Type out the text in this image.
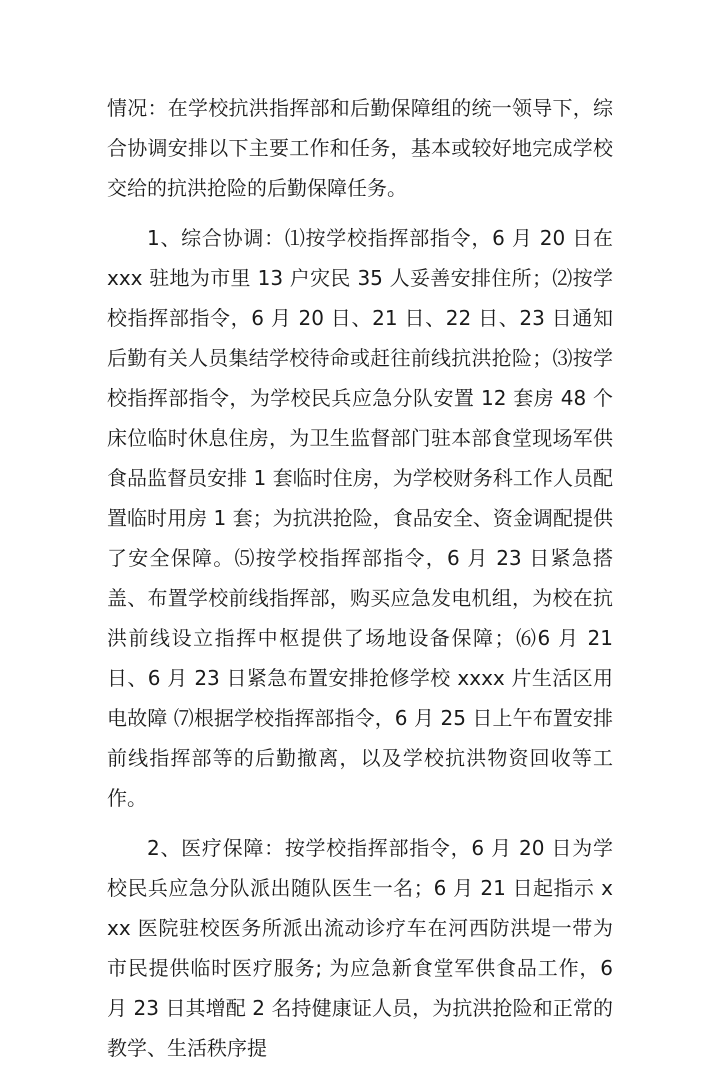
情况：在学校抗洪指挥部和后勤保障组的统一领导下，综合协调安排以下主要工作和任务，基本或较好地完成学校交给的抗洪抢险的后勤保障任务。

1、综合协调：⑴按学校指挥部指令，6 月 20 日在 xxx 驻地为市里 13 户灾民 35 人妥善安排住所；⑵按学校指挥部指令，6 月 20 日、21 日、22 日、23 日通知后勤有关人员集结学校待命或赶往前线抗洪抢险；⑶按学校指挥部指令，为学校民兵应急分队安置 12 套房 48 个床位临时休息住房，为卫生监督部门驻本部食堂现场军供食品监督员安排 1 套临时住房，为学校财务科工作人员配置临时用房 1 套；为抗洪抢险，食品安全、资金调配提供了安全保障。⑸按学校指挥部指令，6 月 23 日紧急搭盖、布置学校前线指挥部，购买应急发电机组，为校在抗洪前线设立指挥中枢提供了场地设备保障；⑹6 月 21 日、6 月 23 日紧急布置安排抢修学校 xxxx 片生活区用电故障 ⑺根据学校指挥部指令，6 月 25 日上午布置安排前线指挥部等的后勤撤离，以及学校抗洪物资回收等工作。

2、医疗保障：按学校指挥部指令，6 月 20 日为学校民兵应急分队派出随队医生一名；6 月 21 日起指示 xxx 医院驻校医务所派出流动诊疗车在河西防洪堤一带为市民提供临时医疗服务; 为应急新食堂军供食品工作，6 月 23 日其增配 2 名持健康证人员，为抗洪抢险和正常的教学、生活秩序提
